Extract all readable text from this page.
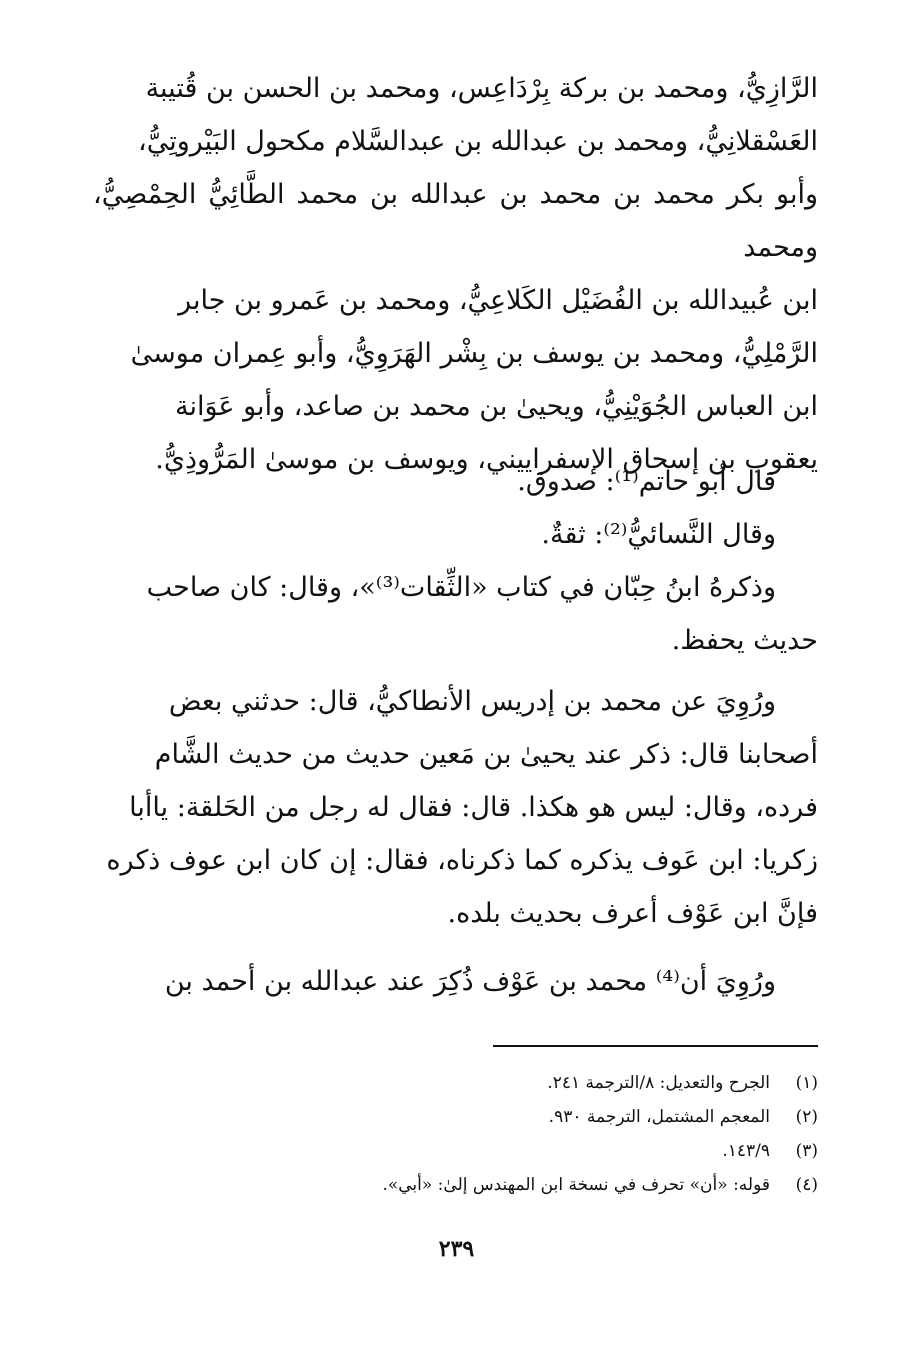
الرَّازِيُّ، ومحمد بن بركة بِرْدَاعِس، ومحمد بن الحسن بن قُتيبة
العَسْقلانِيُّ، ومحمد بن عبدالله بن عبدالسَّلام مكحول البَيْروتِيُّ،
وأبو بكر محمد بن محمد بن عبدالله بن محمد الطَّائِيُّ الحِمْصِيُّ، ومحمد
ابن عُبيدالله بن الفُضَيْل الكَلاعِيُّ، ومحمد بن عَمرو بن جابر
الرَّمْلِيُّ، ومحمد بن يوسف بن بِشْر الهَرَوِيُّ، وأبو عِمران موسىٰ
ابن العباس الجُوَيْنِيُّ، ويحيىٰ بن محمد بن صاعد، وأبو عَوَانة
يعقوب بن إسحاق الإسفراييني، ويوسف بن موسىٰ المَرُّوذِيُّ.
قال أبو حاتم⁽¹⁾: صدوق.
وقال النَّسائيُّ⁽²⁾: ثقةٌ.
وذكرهُ ابنُ حِبّان في كتاب «الثِّقات⁽³⁾»، وقال: كان صاحب
حديث يحفظ.
ورُوِيَ عن محمد بن إدريس الأنطاكيُّ، قال: حدثني بعض
أصحابنا قال: ذكر عند يحيىٰ بن مَعين حديث من حديث الشَّام
فرده، وقال: ليس هو هكذا. قال: فقال له رجل من الحَلقة: ياأبا
زكريا: ابن عَوف يذكره كما ذكرناه، فقال: إن كان ابن عوف ذكره
فإنَّ ابن عَوْف أعرف بحديث بلده.
ورُوِيَ أن⁽⁴⁾ محمد بن عَوْف ذُكِرَ عند عبدالله بن أحمد بن
(١)الجرح والتعديل: ٨/الترجمة ٢٤١.
(٢)المعجم المشتمل، الترجمة ٩٣٠.
(٣)١٤٣/٩.
(٤)قوله: «أن» تحرف في نسخة ابن المهندس إلىٰ: «أبي».
٢٣٩
